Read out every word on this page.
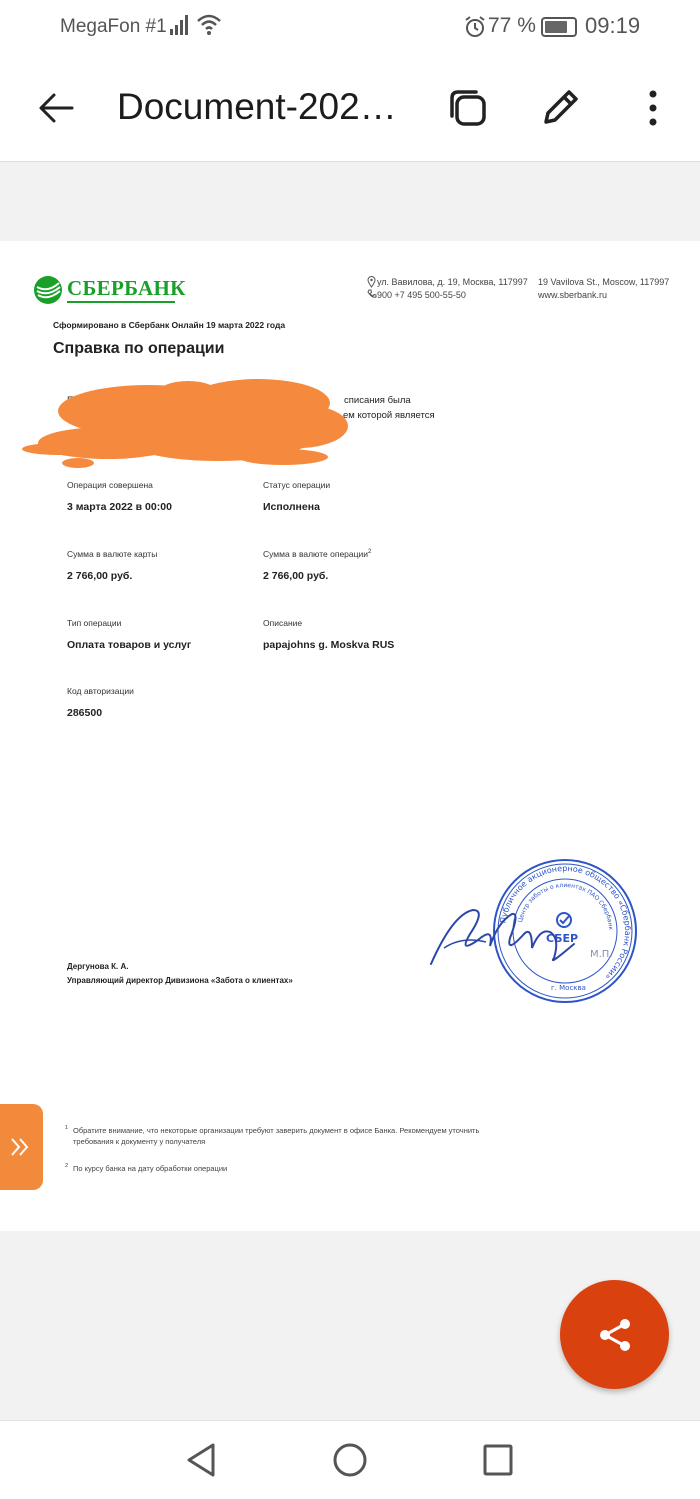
MegaFon #1	77 % 09:19
Document-202…
СБЕРБАНК	ул. Вавилова, д. 19, Москва, 117997
900 +7 495 500-55-50
19 Vavilova St., Moscow, 117997
www.sberbank.ru
Сформировано в Сбербанк Онлайн 19 марта 2022 года
Справка по операции
списания была
ем которой является
Операция совершена
3 марта 2022 в 00:00
Статус операции
Исполнена
Сумма в валюте карты
2 766,00 руб.
Сумма в валюте операции$^2$
2 766,00 руб.
Тип операции
Оплата товаров и услуг
Описание
papajohns g. Moskva RUS
Код авторизации
286500
Дергунова К. А.
Управляющий директор Дивизиона «Забота о клиентах»
Публичное акционерное общество «Сбербанк России»
Центр заботы о клиентах ПАО Сбербанк
СБЕР
г. Москва
М.П.
1 Обратите внимание, что некоторые организации требуют заверить документ в офисе Банка. Рекомендуем уточнить требования к документу у получателя
2 По курсу банка на дату обработки операции
